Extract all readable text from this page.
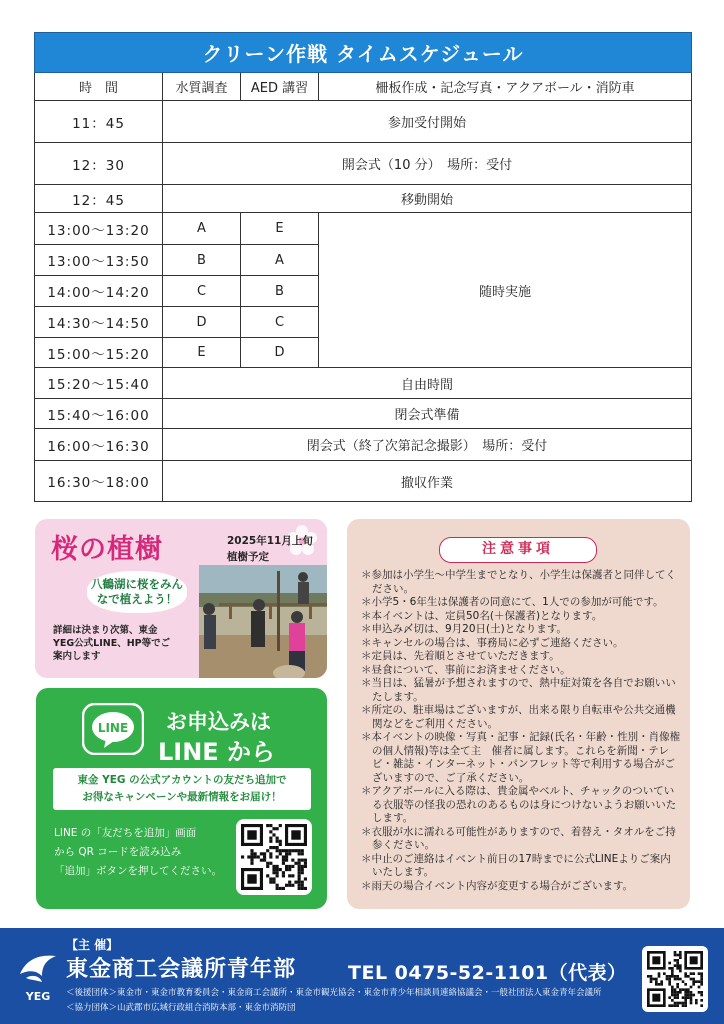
クリーン作戦 タイムスケジュール			
時　間	水質調査	AED 講習	柵板作成・記念写真・アクアボール・消防車
11：45	参加受付開始		
12：30	開会式（10 分）　場所：受付		
12：45	移動開始		
13:00〜13:20	A	E	随時実施
13:00〜13:50	B	A	
14:00〜14:20	C	B	
14:30〜14:50	D	C	
15:00〜15:20	E	D	
15:20〜15:40	自由時間		
15:40〜16:00	閉会式準備		
16:00〜16:30	閉会式（終了次第記念撮影）　場所：受付		
16:30〜18:00	撤収作業		
桜の植樹	2025年11月上旬
植樹予定
八鶴湖に桜をみんなで植えよう！
詳細は決まり次第、東金YEG公式LINE、HP等でご案内します
LINE お申込みは
LINE から
東金 YEG の公式アカウントの友だち追加で
お得なキャンペーンや最新情報をお届け！
LINE の「友だちを追加」画面
から QR コードを読み込み
「追加」ボタンを押してください。
注意事項
＊参加は小学生～中学生までとなり、小学生は保護者と同伴してください。
＊小学5・6年生は保護者の同意にて、1人での参加が可能です。
＊本イベントは、定員50名(＋保護者)となります。
＊申込み〆切は、9月20日(土)となります。
＊キャンセルの場合は、事務局に必ずご連絡ください。
＊定員は、先着順とさせていただきます。
＊昼食について、事前にお済ませください。
＊当日は、猛暑が予想されますので、熱中症対策を各自でお願いいたします。
＊所定の、駐車場はございますが、出来る限り自転車や公共交通機関などをご利用ください。
＊本イベントの映像・写真・記事・記録(氏名・年齢・性別・肖像権の個人情報)等は全て主　催者に属します。これらを新聞・テレビ・雑誌・インターネット・パンフレット等で利用する場合がございますので、ご了承ください。
＊アクアボールに入る際は、貴金属やベルト、チャックのついている衣服等の怪我の恐れのあるものは身につけないようお願いいたします。
＊衣服が水に濡れる可能性がありますので、着替え・タオルをご持参ください。
＊中止のご連絡はイベント前日の17時までに公式LINEよりご案内いたします。
＊雨天の場合イベント内容が変更する場合がございます。
YEG
【主 催】
東金商工会議所青年部	TEL 0475-52-1101（代表）
＜後援団体＞東金市・東金市教育委員会・東金商工会議所・東金市観光協会・東金市青少年相談員連絡協議会・一般社団法人東金青年会議所
＜協力団体＞山武郡市広域行政組合消防本部・東金市消防団
